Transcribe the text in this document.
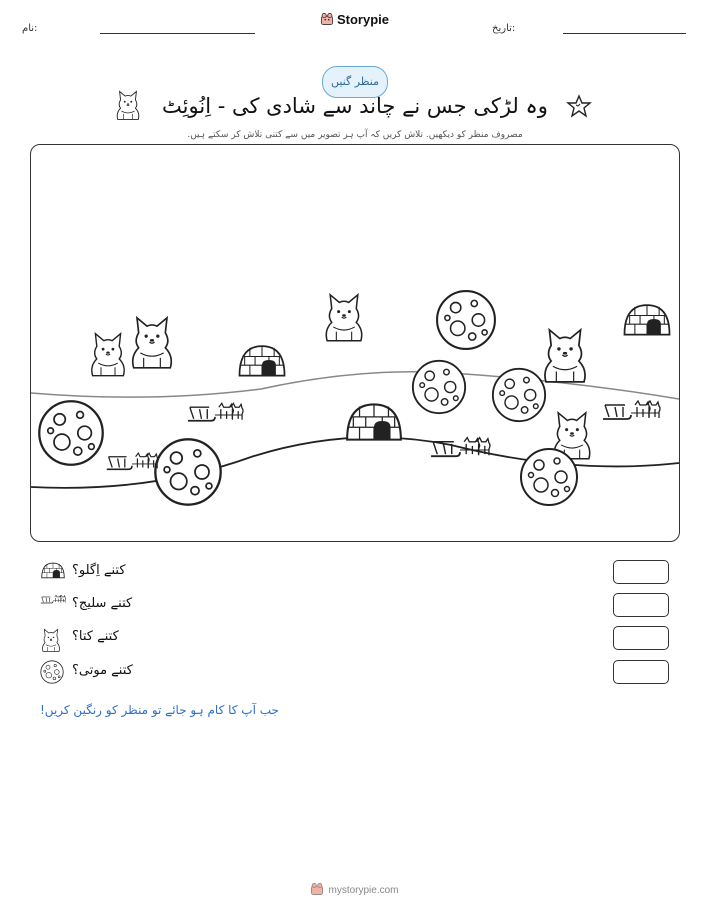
نام:	تاریخ:
Storypie
منظر گنیں
وہ لڑکی جس نے چاند سے شادی کی - اِنُوئِٹ
مصروف منظر کو دیکھیں. تلاش کریں کہ آپ ہر تصویر میں سے کتنی تلاش کر سکتے ہیں.
کتنے اِگلو؟
کتنے سلیج؟
کتنے کتا؟
کتنے موتی؟
جب آپ کا کام ہو جائے تو منظر کو رنگین کریں!
mystorypie.com
